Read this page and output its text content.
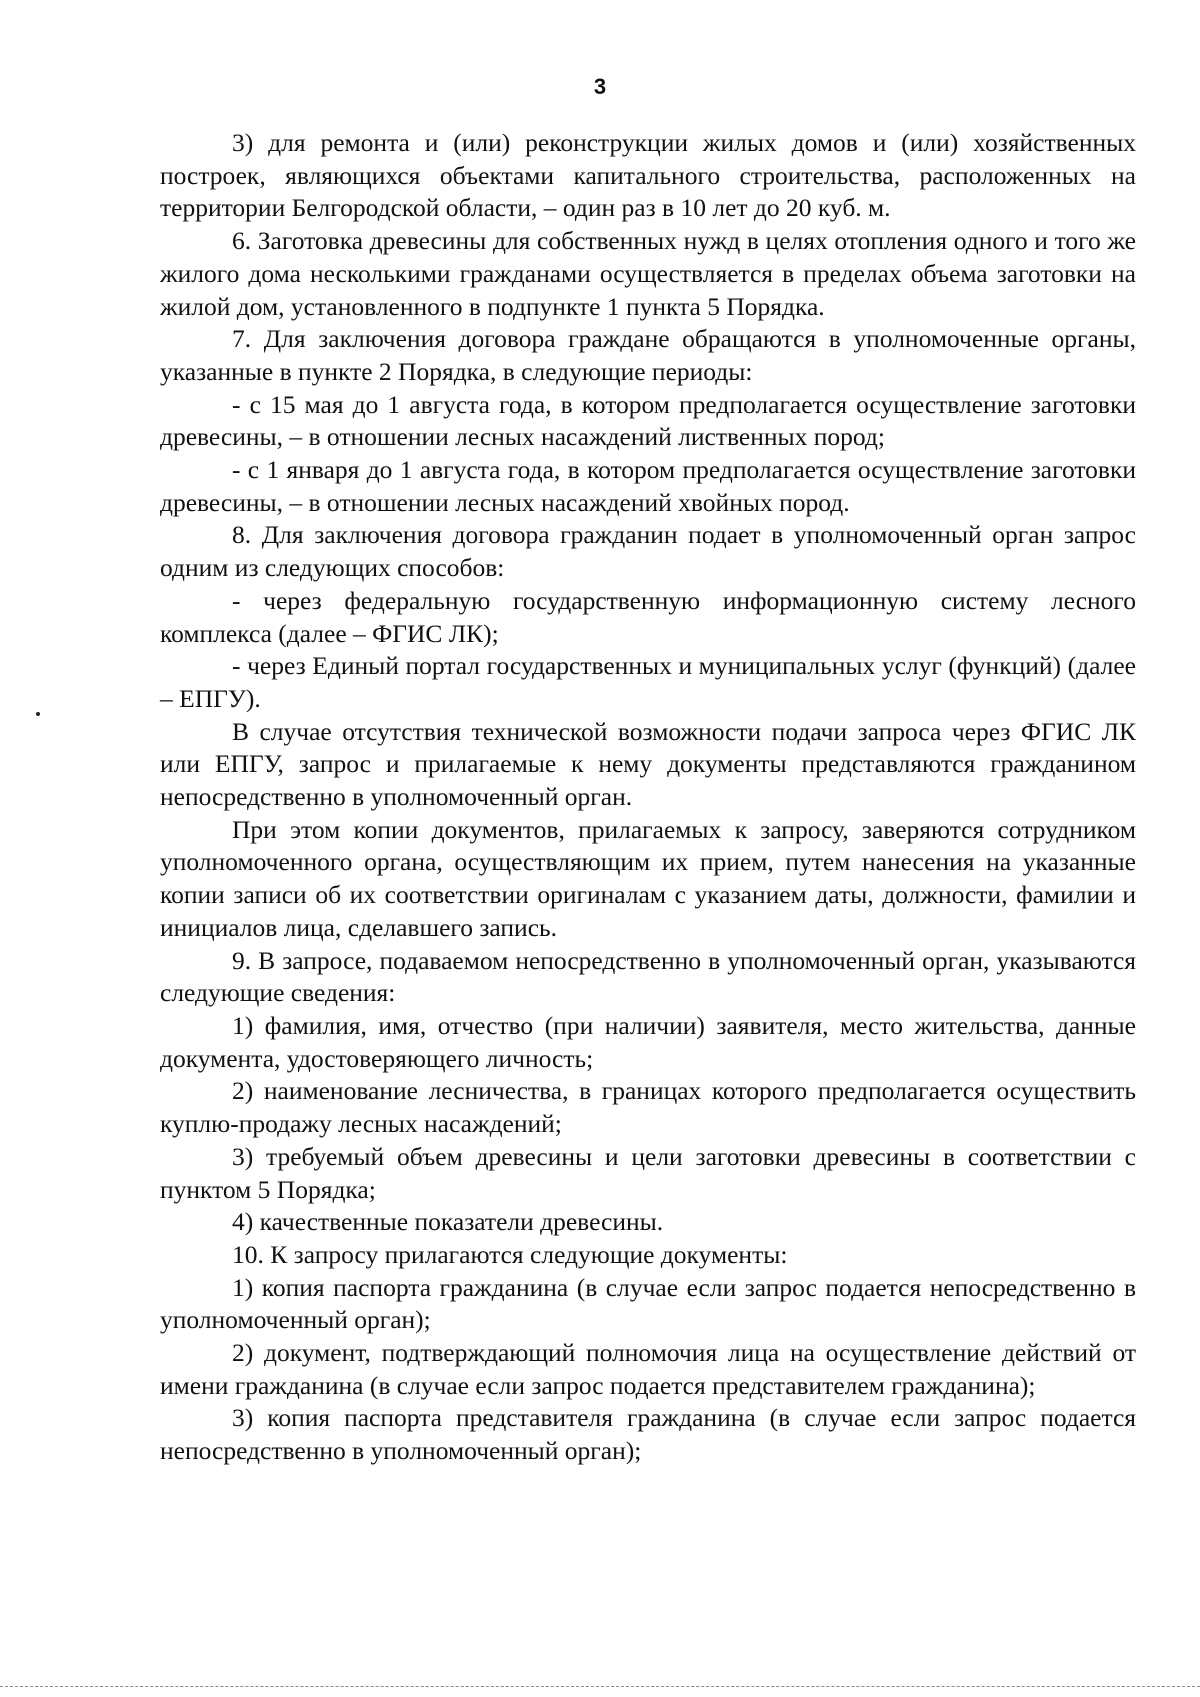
3

3) для ремонта и (или) реконструкции жилых домов и (или) хозяйственных построек, являющихся объектами капитального строительства, расположенных на территории Белгородской области, – один раз в 10 лет до 20 куб. м.

6. Заготовка древесины для собственных нужд в целях отопления одного и того же жилого дома несколькими гражданами осуществляется в пределах объема заготовки на жилой дом, установленного в подпункте 1 пункта 5 Порядка.

7. Для заключения договора граждане обращаются в уполномоченные органы, указанные в пункте 2 Порядка, в следующие периоды:

- с 15 мая до 1 августа года, в котором предполагается осуществление заготовки древесины, – в отношении лесных насаждений лиственных пород;

- с 1 января до 1 августа года, в котором предполагается осуществление заготовки древесины, – в отношении лесных насаждений хвойных пород.

8. Для заключения договора гражданин подает в уполномоченный орган запрос одним из следующих способов:

- через федеральную государственную информационную систему лесного комплекса (далее – ФГИС ЛК);

- через Единый портал государственных и муниципальных услуг (функций) (далее – ЕПГУ).

В случае отсутствия технической возможности подачи запроса через ФГИС ЛК или ЕПГУ, запрос и прилагаемые к нему документы представляются гражданином непосредственно в уполномоченный орган.

При этом копии документов, прилагаемых к запросу, заверяются сотрудником уполномоченного органа, осуществляющим их прием, путем нанесения на указанные копии записи об их соответствии оригиналам с указанием даты, должности, фамилии и инициалов лица, сделавшего запись.

9. В запросе, подаваемом непосредственно в уполномоченный орган, указываются следующие сведения:

1) фамилия, имя, отчество (при наличии) заявителя, место жительства, данные документа, удостоверяющего личность;

2) наименование лесничества, в границах которого предполагается осуществить куплю-продажу лесных насаждений;

3) требуемый объем древесины и цели заготовки древесины в соответствии с пунктом 5 Порядка;

4) качественные показатели древесины.

10. К запросу прилагаются следующие документы:

1) копия паспорта гражданина (в случае если запрос подается непосредственно в уполномоченный орган);

2) документ, подтверждающий полномочия лица на осуществление действий от имени гражданина (в случае если запрос подается представителем гражданина);

3) копия паспорта представителя гражданина (в случае если запрос подается непосредственно в уполномоченный орган);
